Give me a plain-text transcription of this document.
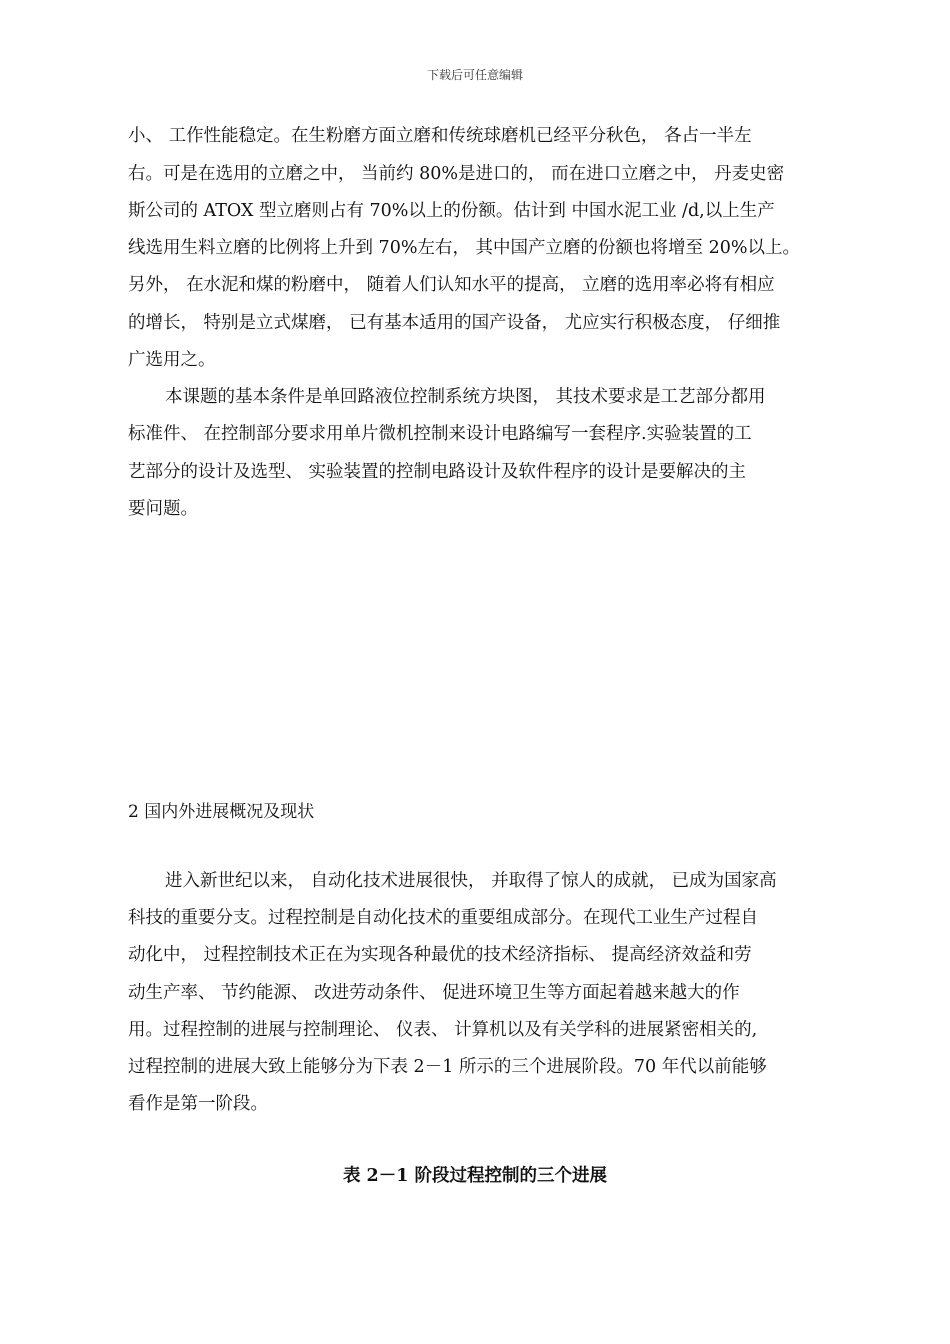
下载后可任意编辑
小、 工作性能稳定。在生粉磨方面立磨和传统球磨机已经平分秋色， 各占一半左
右。可是在选用的立磨之中， 当前约 80%是进口的， 而在进口立磨之中， 丹麦史密
斯公司的 ATOX 型立磨则占有 70%以上的份额。估计到 中国水泥工业 /d,以上生产
线选用生料立磨的比例将上升到 70%左右， 其中国产立磨的份额也将增至 20%以上。
另外， 在水泥和煤的粉磨中， 随着人们认知水平的提高， 立磨的选用率必将有相应
的增长， 特别是立式煤磨， 已有基本适用的国产设备， 尤应实行积极态度， 仔细推
广选用之。
本课题的基本条件是单回路液位控制系统方块图， 其技术要求是工艺部分都用
标准件、 在控制部分要求用单片微机控制来设计电路编写一套程序.实验装置的工
艺部分的设计及选型、 实验装置的控制电路设计及软件程序的设计是要解决的主
要问题。
2 国内外进展概况及现状
进入新世纪以来， 自动化技术进展很快， 并取得了惊人的成就， 已成为国家高
科技的重要分支。过程控制是自动化技术的重要组成部分。在现代工业生产过程自
动化中， 过程控制技术正在为实现各种最优的技术经济指标、 提高经济效益和劳
动生产率、 节约能源、 改进劳动条件、 促进环境卫生等方面起着越来越大的作
用。过程控制的进展与控制理论、 仪表、 计算机以及有关学科的进展紧密相关的,
过程控制的进展大致上能够分为下表 2－1 所示的三个进展阶段。70 年代以前能够
看作是第一阶段。
表 2－1 阶段过程控制的三个进展
